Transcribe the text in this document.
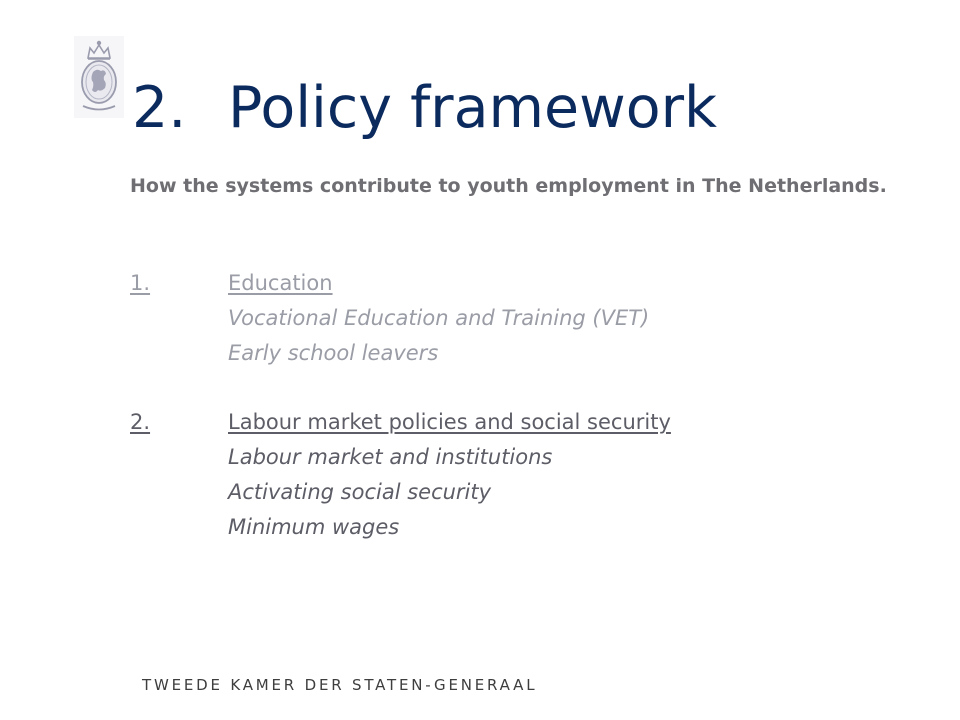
2. Policy framework

How the systems contribute to youth employment in The Netherlands.

1.	Education
Vocational Education and Training (VET)
Early school leavers
2.	Labour market policies and social security
Labour market and institutions
Activating social security
Minimum wages
TWEEDE KAMER DER STATEN-GENERAAL
